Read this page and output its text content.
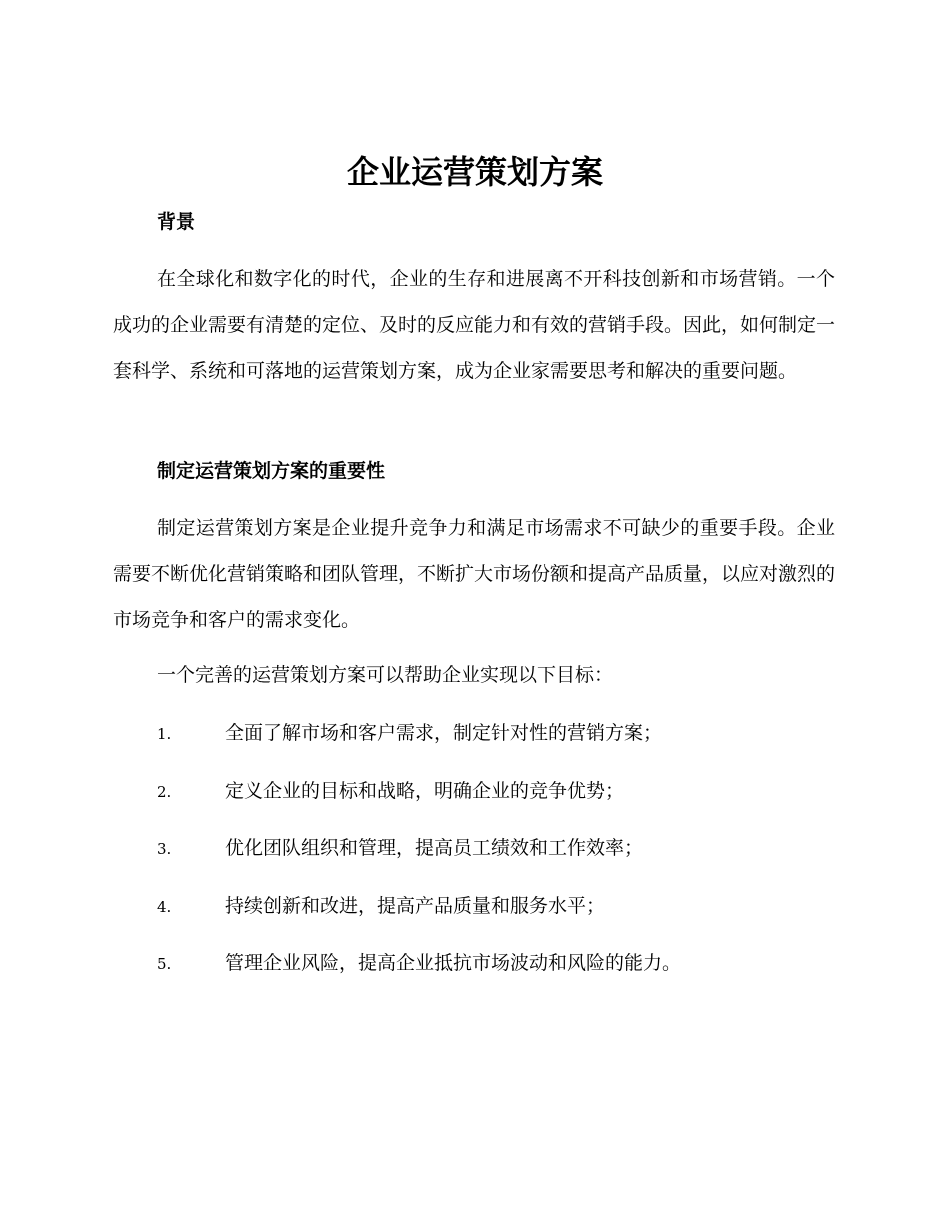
企业运营策划方案
背景

在全球化和数字化的时代，企业的生存和进展离不开科技创新和市场营销。一个成功的企业需要有清楚的定位、及时的反应能力和有效的营销手段。因此，如何制定一套科学、系统和可落地的运营策划方案，成为企业家需要思考和解决的重要问题。

制定运营策划方案的重要性

制定运营策划方案是企业提升竞争力和满足市场需求不可缺少的重要手段。企业需要不断优化营销策略和团队管理，不断扩大市场份额和提高产品质量，以应对激烈的市场竞争和客户的需求变化。

一个完善的运营策划方案可以帮助企业实现以下目标：
1.	全面了解市场和客户需求，制定针对性的营销方案；
2.	定义企业的目标和战略，明确企业的竞争优势；
3.	优化团队组织和管理，提高员工绩效和工作效率；
4.	持续创新和改进，提高产品质量和服务水平；
5.	管理企业风险，提高企业抵抗市场波动和风险的能力。
